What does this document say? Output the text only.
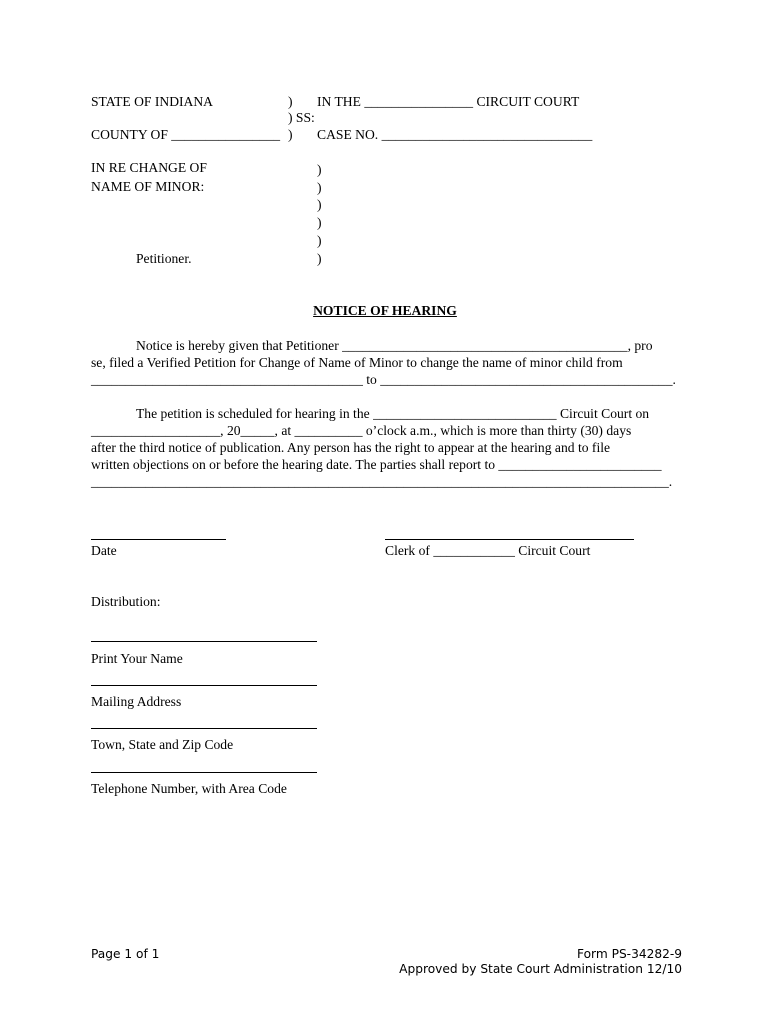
STATE OF INDIANA	) IN THE ________________ CIRCUIT COURT
) SS:
COUNTY OF ________________ ) CASE NO. _______________________________
IN RE CHANGE OF
NAME OF MINOR:
)
)
)
)
)
)
Petitioner.
NOTICE OF HEARING
Notice is hereby given that Petitioner __________________________________________, pro
se, filed a Verified Petition for Change of Name of Minor to change the name of minor child from
________________________________________ to ___________________________________________.
The petition is scheduled for hearing in the ___________________________ Circuit Court on
___________________, 20_____, at __________ o’clock a.m., which is more than thirty (30) days
after the third notice of publication. Any person has the right to appear at the hearing and to file
written objections on or before the hearing date. The parties shall report to ________________________
_____________________________________________________________________________________.
Date	Clerk of ____________ Circuit Court
Distribution:
Print Your Name
Mailing Address
Town, State and Zip Code
Telephone Number, with Area Code
Page 1 of 1	Form PS-34282-9
Approved by State Court Administration 12/10
